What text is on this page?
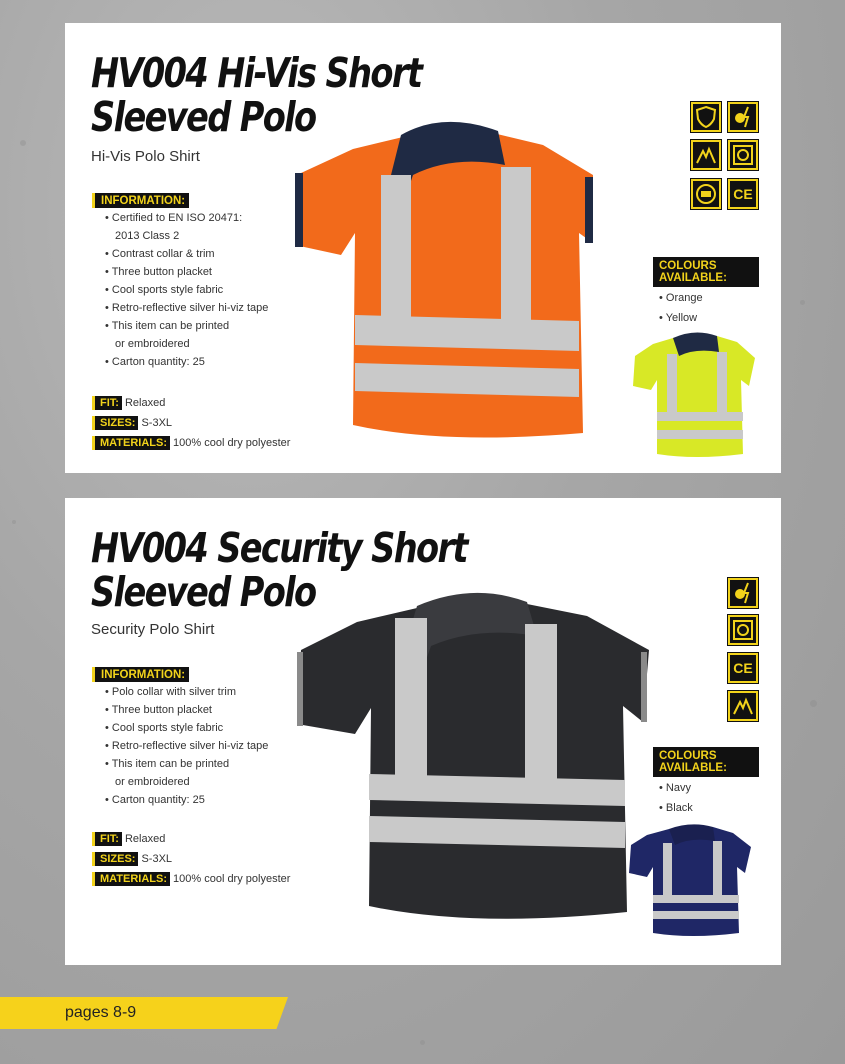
HV004 Hi-Vis Short
Sleeved Polo
Hi-Vis Polo Shirt
INFORMATION:
• Certified to EN ISO 20471:
2013 Class 2
• Contrast collar & trim
• Three button placket
• Cool sports style fabric
• Retro-reflective silver hi-viz tape
• This item can be printed
or embroidered
• Carton quantity: 25
FIT: Relaxed
SIZES: S-3XL
MATERIALS: 100% cool dry polyester
CE
COLOURS
AVAILABLE:
• Orange
• Yellow
HV004 Security Short
Sleeved Polo
Security Polo Shirt
INFORMATION:
• Polo collar with silver trim
• Three button placket
• Cool sports style fabric
• Retro-reflective silver hi-viz tape
• This item can be printed
or embroidered
• Carton quantity: 25
FIT: Relaxed
SIZES: S-3XL
MATERIALS: 100% cool dry polyester
CE
COLOURS
AVAILABLE:
• Navy
• Black
pages 8-9
